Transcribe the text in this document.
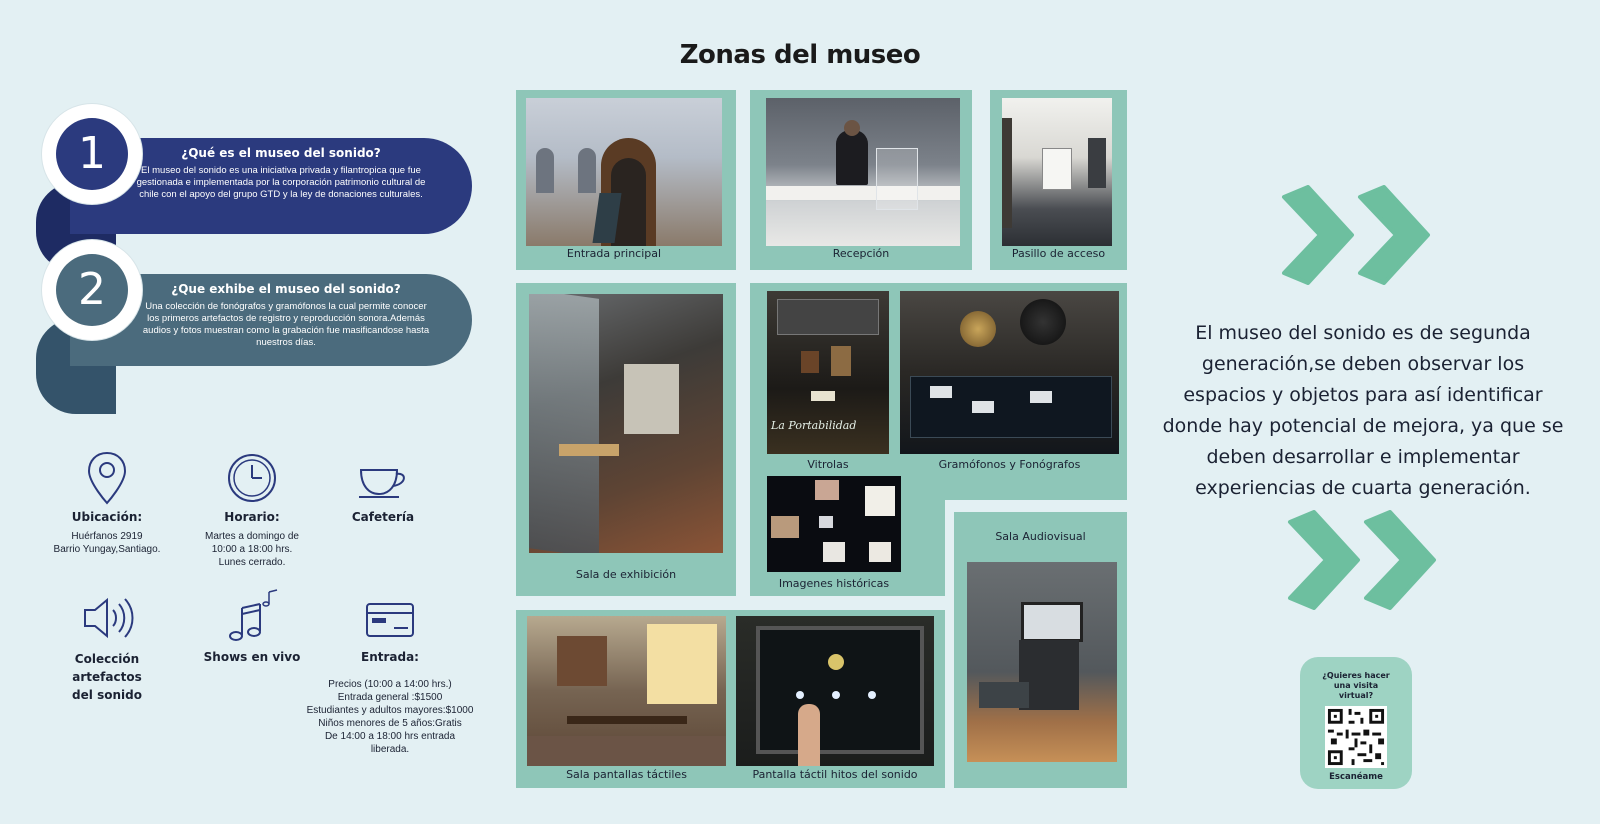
Zonas del museo
¿Qué es el museo del sonido?

El museo del sonido es una iniciativa privada y filantropica que fue gestionada e implementada por la corporación patrimonio cultural de chile con el apoyo del grupo GTD y la ley de donaciones culturales.

1
¿Que exhibe el museo del sonido?

Una colección de fonógrafos y gramófonos la cual permite conocer los primeros artefactos de registro y reproducción sonora.Además audios y fotos muestran como la grabación fue masificandose hasta nuestros días.

2
Ubicación:
Huérfanos 2919
Barrio Yungay,Santiago.
Horario:
Martes a domingo de
10:00 a 18:00 hrs.
Lunes cerrado.
Cafetería
Colección artefactos del sonido
Shows en vivo	Entrada:
Precios (10:00 a 14:00 hrs.)
Entrada general :$1500
Estudiantes y adultos mayores:$1000
Niños menores de 5 años:Gratis
De 14:00 a 18:00 hrs entrada liberada.
Entrada principal	Recepción	Pasillo de acceso
Sala de exhibición
La Portabilidad
Vitrolas	Gramófonos y Fonógrafos
Imagenes históricas
Sala Audiovisual
Sala pantallas táctiles	Pantalla táctil hitos del sonido
El museo del sonido es de segunda generación,se deben observar los espacios y objetos para así identificar donde hay potencial de mejora, ya que se deben desarrollar e implementar experiencias de cuarta generación.
¿Quieres hacer una visita virtual?
Escanéame
